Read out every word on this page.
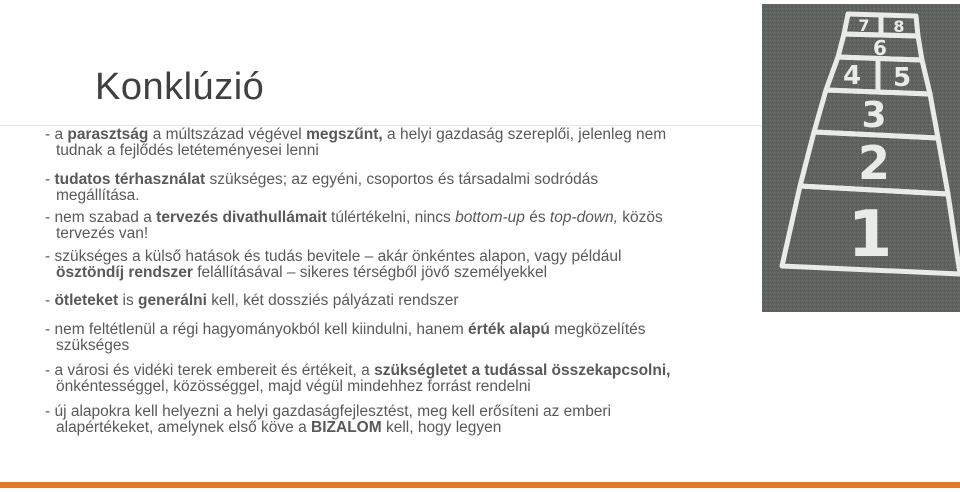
Konklúzió
- a parasztság a múltszázad végével megszűnt, a helyi gazdaság szereplői, jelenleg nem
tudnak a fejlődés letéteményesei lenni
- tudatos térhasználat szükséges; az egyéni, csoportos és társadalmi sodródás
megállítása.
- nem szabad a tervezés divathullámait túlértékelni, nincs bottom-up és top-down, közös
tervezés van!
- szükséges a külső hatások és tudás bevitele – akár önkéntes alapon, vagy például
ösztöndíj rendszer felállításával – sikeres térségből jövő személyekkel
- ötleteket is generálni kell, két dossziés pályázati rendszer
- nem feltétlenül a régi hagyományokból kell kiindulni, hanem érték alapú megközelítés
szükséges
- a városi és vidéki terek embereit és értékeit, a szükségletet a tudással összekapcsolni,
önkéntességgel, közösséggel, majd végül mindehhez forrást rendelni
- új alapokra kell helyezni a helyi gazdaságfejlesztést, meg kell erősíteni az emberi
alapértékeket, amelynek első köve a BIZALOM kell, hogy legyen
7 8
6
4 5
3
2
1
